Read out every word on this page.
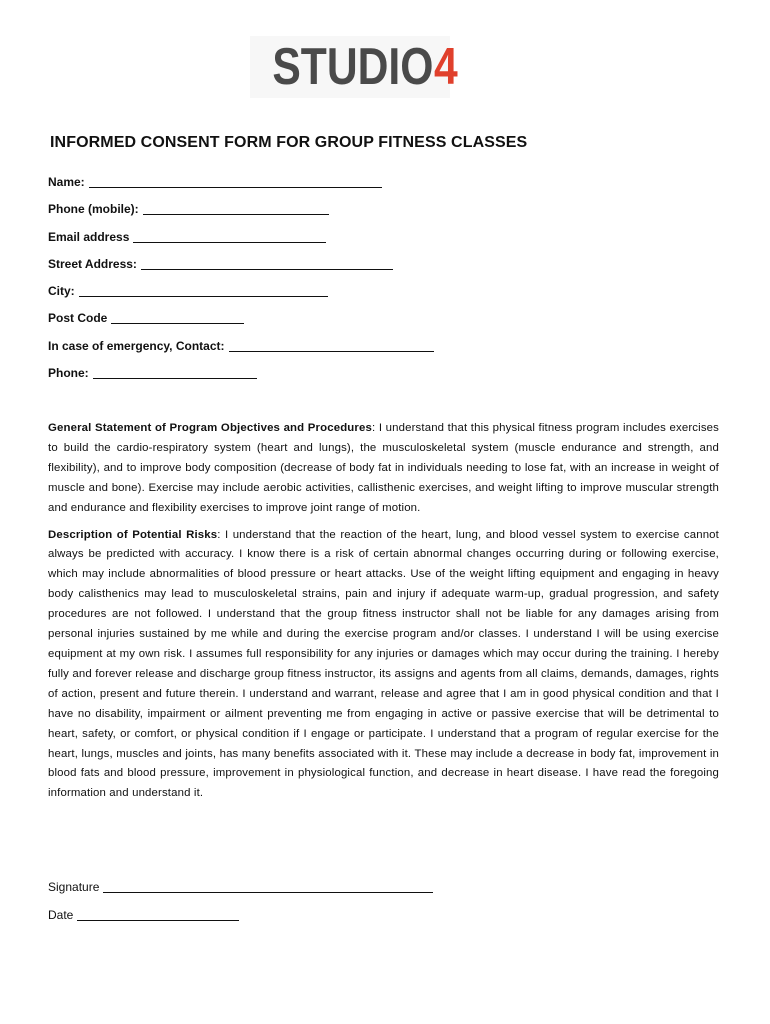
STUDIO 4
INFORMED CONSENT FORM FOR GROUP FITNESS CLASSES
Name:
Phone (mobile):
Email address
Street Address:
City:
Post Code
In case of emergency, Contact:
Phone:

General Statement of Program Objectives and Procedures: I understand that this physical fitness program includes exercises to build the cardio-respiratory system (heart and lungs), the musculoskeletal system (muscle endurance and strength, and flexibility), and to improve body composition (decrease of body fat in individuals needing to lose fat, with an increase in weight of muscle and bone). Exercise may include aerobic activities, callisthenic exercises, and weight lifting to improve muscular strength and endurance and flexibility exercises to improve joint range of motion.

Description of Potential Risks: I understand that the reaction of the heart, lung, and blood vessel system to exercise cannot always be predicted with accuracy. I know there is a risk of certain abnormal changes occurring during or following exercise, which may include abnormalities of blood pressure or heart attacks. Use of the weight lifting equipment and engaging in heavy body calisthenics may lead to musculoskeletal strains, pain and injury if adequate warm-up, gradual progression, and safety procedures are not followed. I understand that the group fitness instructor shall not be liable for any damages arising from personal injuries sustained by me while and during the exercise program and/or classes. I understand I will be using exercise equipment at my own risk. I assumes full responsibility for any injuries or damages which may occur during the training. I hereby fully and forever release and discharge group fitness instructor, its assigns and agents from all claims, demands, damages, rights of action, present and future therein. I understand and warrant, release and agree that I am in good physical condition and that I have no disability, impairment or ailment preventing me from engaging in active or passive exercise that will be detrimental to heart, safety, or comfort, or physical condition if I engage or participate. I understand that a program of regular exercise for the heart, lungs, muscles and joints, has many benefits associated with it. These may include a decrease in body fat, improvement in blood fats and blood pressure, improvement in physiological function, and decrease in heart disease. I have read the foregoing information and understand it.

Signature
Date
